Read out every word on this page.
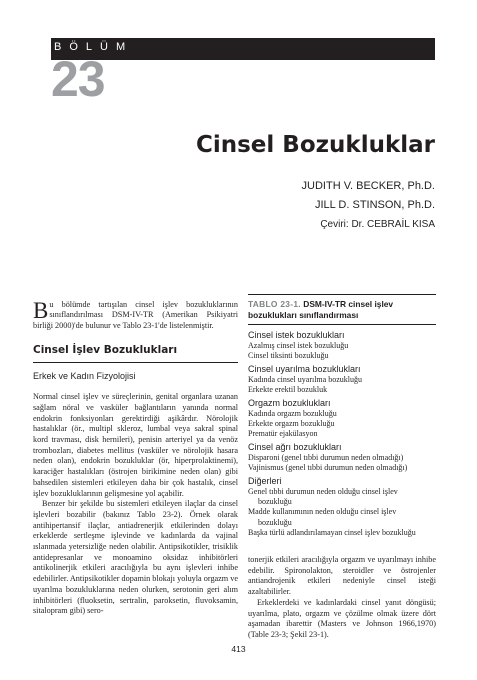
BÖLÜM
23
Cinsel Bozukluklar
JUDITH V. BECKER, Ph.D.
JILL D. STINSON, Ph.D.
Çeviri: Dr. CEBRAİL KISA

Bu bölümde tartışılan cinsel işlev bozukluklarının sınıflandırılması DSM-IV-TR (Amerikan Psikiyatri birliği 2000)'de bulunur ve Tablo 23-1'de listelenmiştir.

Cinsel İşlev Bozuklukları
Erkek ve Kadın Fizyolojisi

Normal cinsel işlev ve süreçlerinin, genital organlara uzanan sağlam nöral ve vasküler bağlantıların yanında normal endokrin fonksiyonları gerektirdiği aşikârdır. Nörolojik hastalıklar (ör., multipl skleroz, lumbal veya sakral spinal kord travması, disk hernileri), penisin arteriyel ya da venöz trombozları, diabetes mellitus (vasküler ve nörolojik hasara neden olan), endokrin bozukluklar (ör, hiperprolaktinemi), karaciğer hastalıkları (östrojen birikimine neden olan) gibi bahsedilen sistemleri etkileyen daha bir çok hastalık, cinsel işlev bozukluklarının gelişmesine yol açabilir.

Benzer bir şekilde bu sistemleri etkileyen ilaçlar da cinsel işlevleri bozabilir (bakınız Tablo 23-2). Örnek olarak antihipertansif ilaçlar, antiadrenerjik etkilerinden dolayı erkeklerde sertleşme işlevinde ve kadınlarda da vajinal ıslanmada yetersizliğe neden olabilir. Antipsikotikler, trisiklik antidepresanlar ve monoamino oksidaz inhibitörleri antikolinerjik etkileri aracılığıyla bu aynı işlevleri inhibe edebilirler. Antipsikotikler dopamin blokajı yoluyla orgazm ve uyarılma bozukluklarına neden olurken, serotonin geri alım inhibitörleri (fluoksetin, sertralin, paroksetin, fluvoksamin, sitalopram gibi) sero-

TABLO 23-1. DSM-IV-TR cinsel işlev bozuklukları sınıflandırması
Cinsel istek bozuklukları
Azalmış cinsel istek bozukluğu
Cinsel tiksinti bozukluğu
Cinsel uyarılma bozuklukları
Kadında cinsel uyarılma bozukluğu
Erkekte erektil bozukluk
Orgazm bozuklukları
Kadında orgazm bozukluğu
Erkekte orgazm bozukluğu
Prematür ejakülasyon
Cinsel ağrı bozuklukları
Disparoni (genel tıbbi durumun neden olmadığı)
Vajinismus (genel tıbbi durumun neden olmadığı)
Diğerleri
Genel tıbbi durumun neden olduğu cinsel işlev
bozukluğu
Madde kullanımının neden olduğu cinsel işlev
bozukluğu
Başka türlü adlandırılamayan cinsel işlev bozukluğu

tonerjik etkileri aracılığıyla orgazm ve uyarılmayı inhibe edebilir. Spironolakton, steroidler ve östrojenler antiandrojenik etkileri nedeniyle cinsel isteği azaltabilirler.

Erkeklerdeki ve kadınlardaki cinsel yanıt döngüsü; uyarılma, plato, orgazm ve çözülme olmak üzere dört aşamadan ibarettir (Masters ve Johnson 1966,1970) (Table 23-3; Şekil 23-1).

413
